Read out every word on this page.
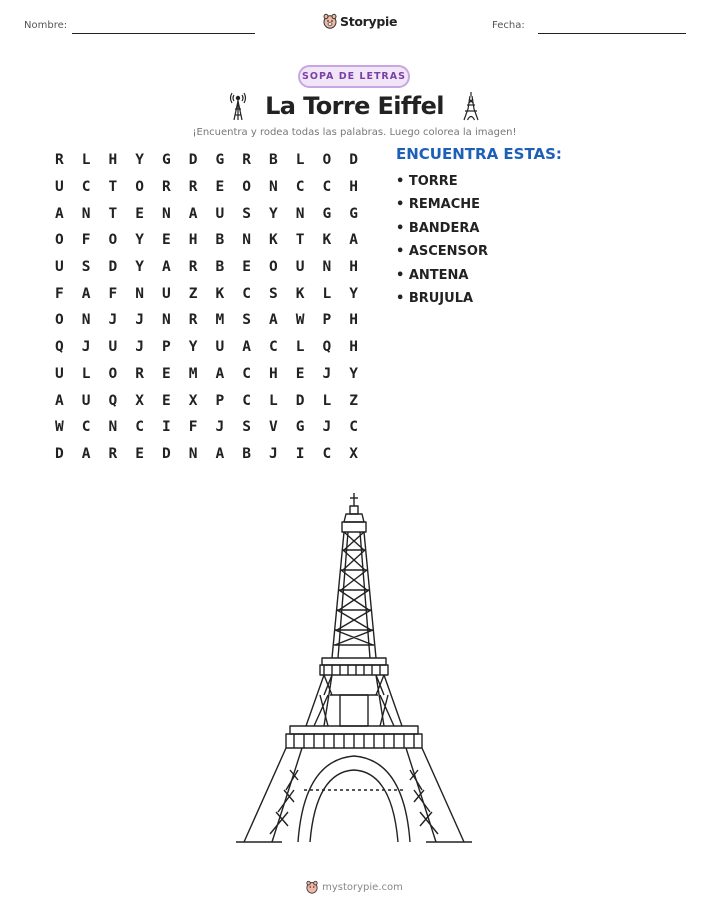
Nombre:	Storypie	Fecha:
SOPA DE LETRAS
La Torre Eiffel
¡Encuentra y rodea todas las palabras. Luego colorea la imagen!
R	L	H	Y	G	D	G	R	B	L	O	D
U	C	T	O	R	R	E	O	N	C	C	H
A	N	T	E	N	A	U	S	Y	N	G	G
O	F	O	Y	E	H	B	N	K	T	K	A
U	S	D	Y	A	R	B	E	O	U	N	H
F	A	F	N	U	Z	K	C	S	K	L	Y
O	N	J	J	N	R	M	S	A	W	P	H
Q	J	U	J	P	Y	U	A	C	L	Q	H
U	L	O	R	E	M	A	C	H	E	J	Y
A	U	Q	X	E	X	P	C	L	D	L	Z
W	C	N	C	I	F	J	S	V	G	J	C
D	A	R	E	D	N	A	B	J	I	C	X
ENCUENTRA ESTAS:
• TORRE
• REMACHE
• BANDERA
• ASCENSOR
• ANTENA
• BRUJULA
mystorypie.com
